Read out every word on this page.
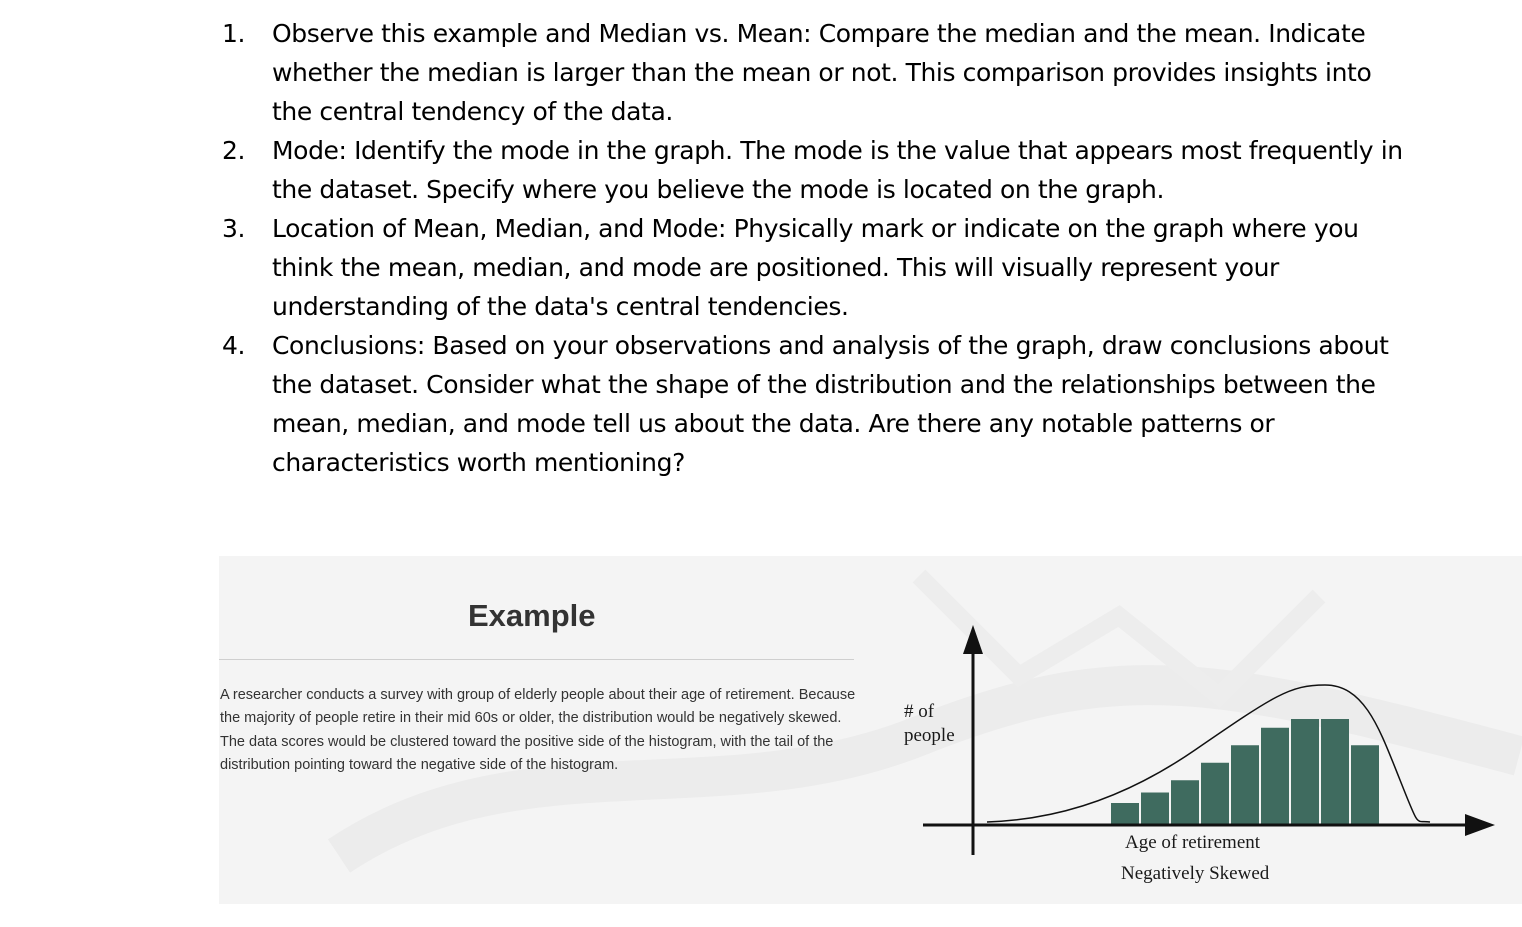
1.	Observe this example and Median vs. Mean: Compare the median and the mean. Indicate whether the median is larger than the mean or not. This comparison provides insights into the central tendency of the data.
2.	Mode: Identify the mode in the graph. The mode is the value that appears most frequently in the dataset. Specify where you believe the mode is located on the graph.
3.	Location of Mean, Median, and Mode: Physically mark or indicate on the graph where you think the mean, median, and mode are positioned. This will visually represent your understanding of the data's central tendencies.
4.	Conclusions: Based on your observations and analysis of the graph, draw conclusions about the dataset. Consider what the shape of the distribution and the relationships between the mean, median, and mode tell us about the data. Are there any notable patterns or characteristics worth mentioning?
Example
A researcher conducts a survey with group of elderly people about their age of retirement. Because the majority of people retire in their mid 60s or older, the distribution would be negatively skewed. The data scores would be clustered toward the positive side of the histogram, with the tail of the distribution pointing toward the negative side of the histogram.
# of
people
Age of retirement
Negatively Skewed
